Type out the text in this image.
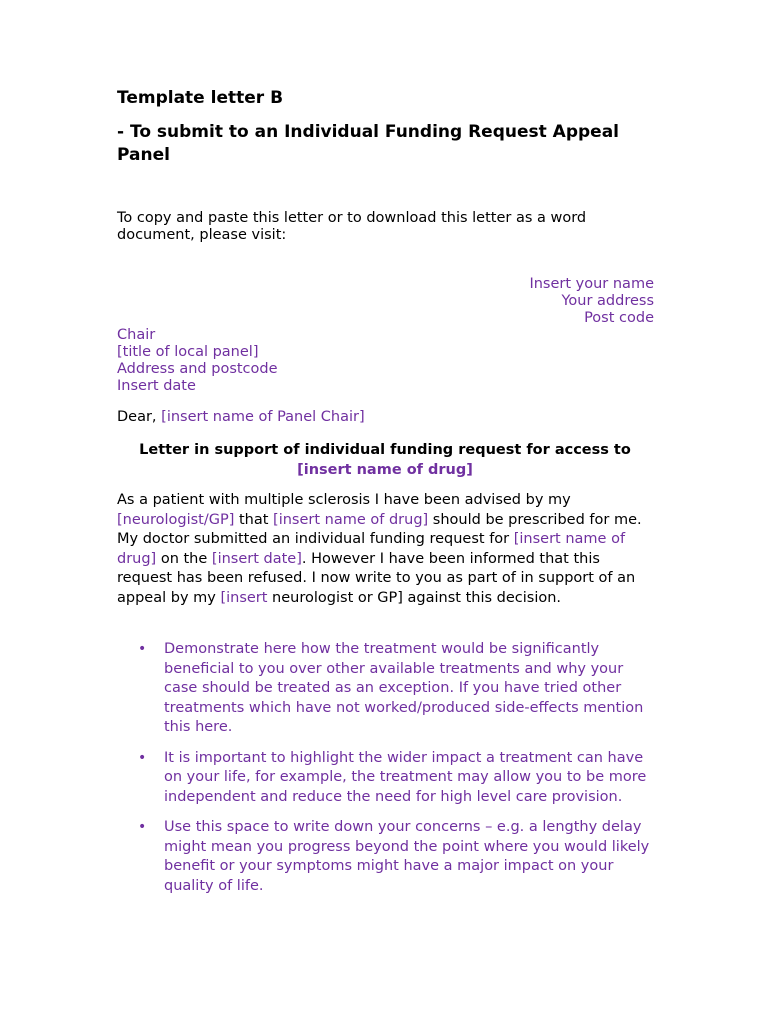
Template letter B
- To submit to an Individual Funding Request Appeal Panel

To copy and paste this letter or to download this letter as a word document, please visit:

Insert your name
Your address
Post code
Chair
[title of local panel]
Address and postcode
Insert date

Dear, [insert name of Panel Chair]

Letter in support of individual funding request for access to
[insert name of drug]

As a patient with multiple sclerosis I have been advised by my [neurologist/GP] that [insert name of drug] should be prescribed for me. My doctor submitted an individual funding request for [insert name of drug] on the [insert date]. However I have been informed that this request has been refused. I now write to you as part of in support of an appeal by my [insert neurologist or GP] against this decision.

• Demonstrate here how the treatment would be significantly beneficial to you over other available treatments and why your case should be treated as an exception. If you have tried other treatments which have not worked/produced side-effects mention this here.
• It is important to highlight the wider impact a treatment can have on your life, for example, the treatment may allow you to be more independent and reduce the need for high level care provision.
• Use this space to write down your concerns – e.g. a lengthy delay might mean you progress beyond the point where you would likely benefit or your symptoms might have a major impact on your quality of life.
